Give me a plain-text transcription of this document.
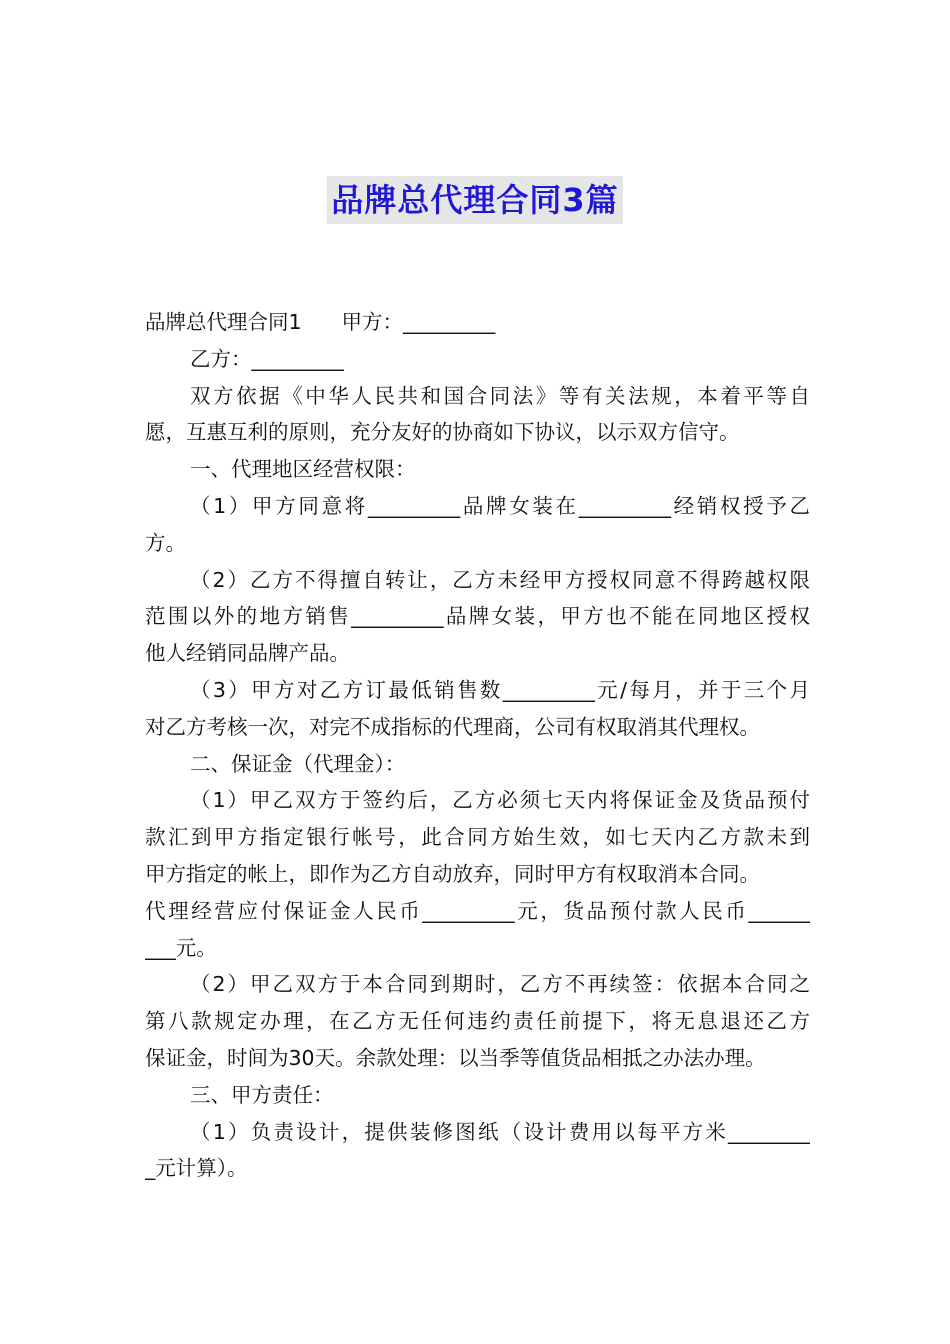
品牌总代理合同3篇
品牌总代理合同1 甲方：_________
乙方：_________
双方依据《中华人民共和国合同法》等有关法规，本着平等自
愿，互惠互利的原则，充分友好的协商如下协议，以示双方信守。
一、代理地区经营权限：
（1）甲方同意将_________品牌女装在_________经销权授予乙
方。
（2）乙方不得擅自转让，乙方未经甲方授权同意不得跨越权限
范围以外的地方销售_________品牌女装，甲方也不能在同地区授权
他人经销同品牌产品。
（3）甲方对乙方订最低销售数_________元/每月，并于三个月
对乙方考核一次，对完不成指标的代理商，公司有权取消其代理权。
二、保证金（代理金）：
（1）甲乙双方于签约后，乙方必须七天内将保证金及货品预付
款汇到甲方指定银行帐号，此合同方始生效，如七天内乙方款未到
甲方指定的帐上，即作为乙方自动放弃，同时甲方有权取消本合同。
代理经营应付保证金人民币_________元，货品预付款人民币______
___元。
（2）甲乙双方于本合同到期时，乙方不再续签：依据本合同之
第八款规定办理，在乙方无任何违约责任前提下，将无息退还乙方
保证金，时间为30天。余款处理：以当季等值货品相抵之办法办理。
三、甲方责任：
（1）负责设计，提供装修图纸（设计费用以每平方米________
_元计算）。
